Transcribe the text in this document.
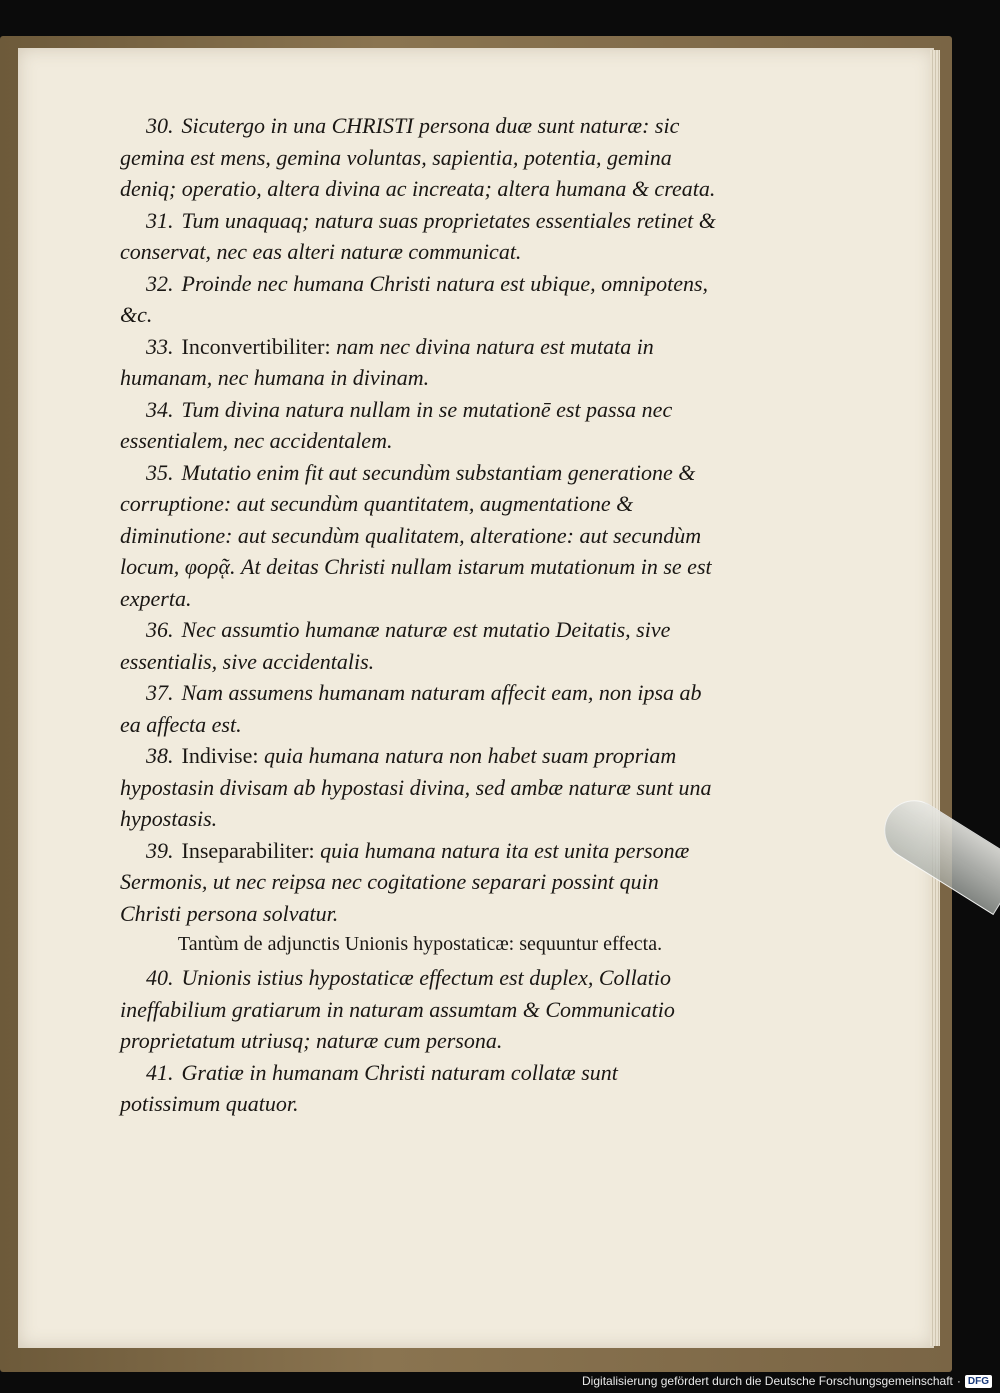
30. Sicutergo in una CHRISTI persona duæ sunt naturæ: sic gemina est mens, gemina voluntas, sapientia, potentia, gemina deniq; operatio, altera divina ac increata; altera humana & creata.

31. Tum unaquaq; natura suas proprietates essentiales retinet & conservat, nec eas alteri naturæ communicat.

32. Proinde nec humana Christi natura est ubique, omnipotens, &c.

33. Inconvertibiliter: nam nec divina natura est mutata in humanam, nec humana in divinam.

34. Tum divina natura nullam in se mutationē est passa nec essentialem, nec accidentalem.

35. Mutatio enim fit aut secundùm substantiam generatione & corruptione: aut secundùm quantitatem, augmentatione & diminutione: aut secundùm qualitatem, alteratione: aut secundùm locum, φορᾷ. At deitas Christi nullam istarum mutationum in se est experta.

36. Nec assumtio humanæ naturæ est mutatio Deitatis, sive essentialis, sive accidentalis.

37. Nam assumens humanam naturam affecit eam, non ipsa ab ea affecta est.

38. Indivise: quia humana natura non habet suam propriam hypostasin divisam ab hypostasi divina, sed ambæ naturæ sunt una hypostasis.

39. Inseparabiliter: quia humana natura ita est unita personæ Sermonis, ut nec reipsa nec cogitatione separari possint quin Christi persona solvatur.

Tantùm de adjunctis Unionis hypostaticæ: sequuntur effecta.

40. Unionis istius hypostaticæ effectum est duplex, Collatio ineffabilium gratiarum in naturam assumtam & Communicatio proprietatum utriusq; naturæ cum persona.

41. Gratiæ in humanam Christi naturam collatæ sunt potissimum quatuor.

Digitalisierung gefördert durch die Deutsche Forschungsgemeinschaft · DFG
